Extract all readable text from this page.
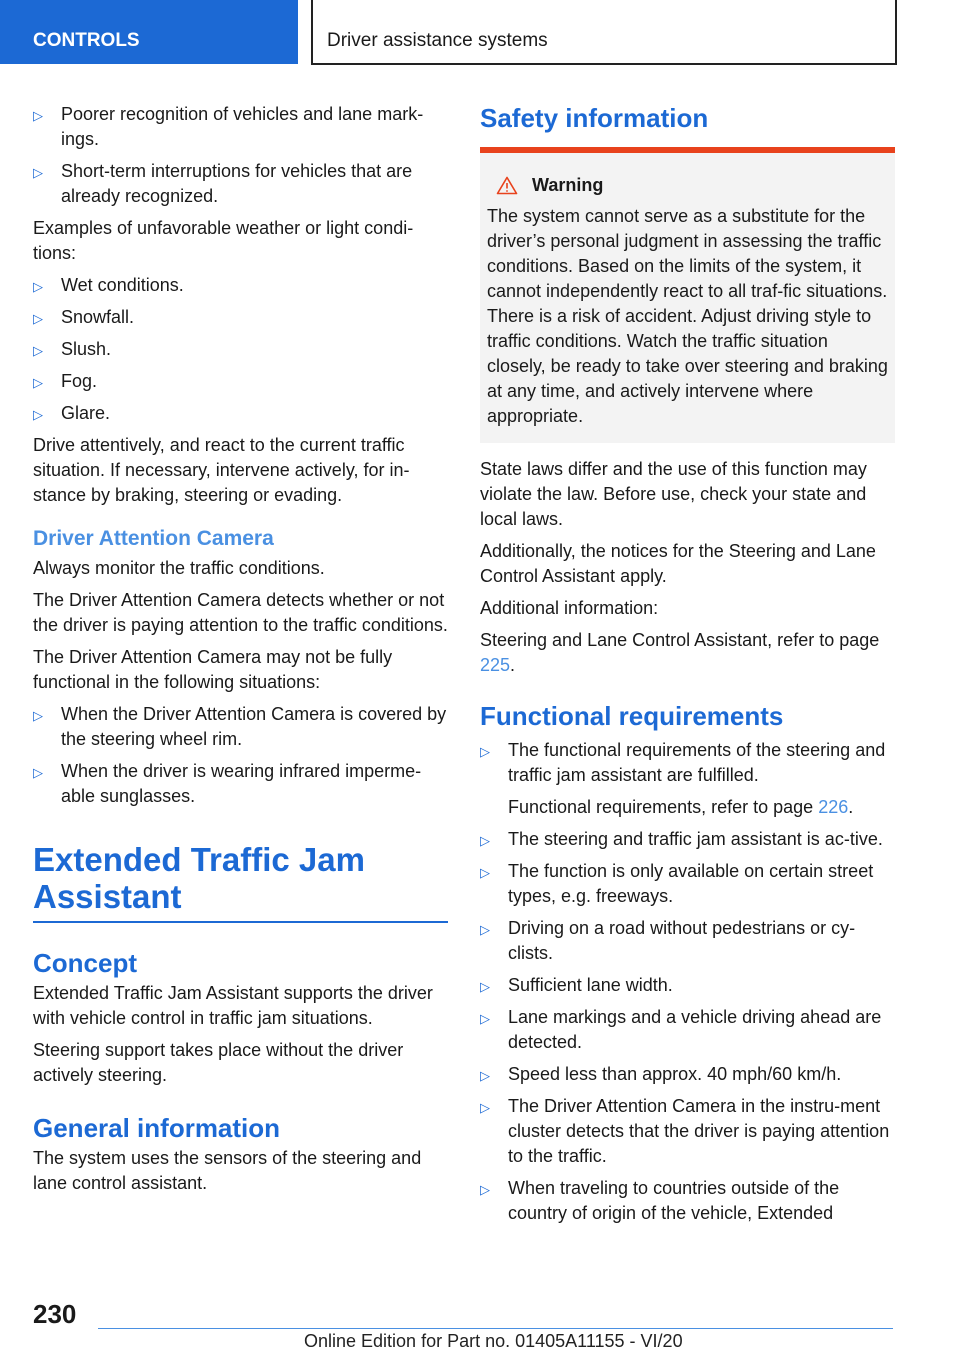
CONTROLS	Driver assistance systems
▷ Poorer recognition of vehicles and lane mark-ings.
▷ Short-term interruptions for vehicles that are already recognized.

Examples of unfavorable weather or light condi-tions:

▷ Wet conditions.
▷ Snowfall.
▷ Slush.
▷ Fog.
▷ Glare.

Drive attentively, and react to the current traffic situation. If necessary, intervene actively, for in-stance by braking, steering or evading.

Driver Attention Camera

Always monitor the traffic conditions.

The Driver Attention Camera detects whether or not the driver is paying attention to the traffic conditions.

The Driver Attention Camera may not be fully functional in the following situations:

▷ When the Driver Attention Camera is covered by the steering wheel rim.
▷ When the driver is wearing infrared imperme-able sunglasses.
Extended Traffic Jam Assistant
Concept

Extended Traffic Jam Assistant supports the driver with vehicle control in traffic jam situations.

Steering support takes place without the driver actively steering.

General information

The system uses the sensors of the steering and lane control assistant.

Safety information
Warning

The system cannot serve as a substitute for the driver’s personal judgment in assessing the traffic conditions. Based on the limits of the system, it cannot independently react to all traf-fic situations. There is a risk of accident. Adjust driving style to traffic conditions. Watch the traffic situation closely, be ready to take over steering and braking at any time, and actively intervene where appropriate.

State laws differ and the use of this function may violate the law. Before use, check your state and local laws.

Additionally, the notices for the Steering and Lane Control Assistant apply.

Additional information:

Steering and Lane Control Assistant, refer to page 225.

Functional requirements
▷ The functional requirements of the steering and traffic jam assistant are fulfilled.
Functional requirements, refer to page 226.
▷ The steering and traffic jam assistant is ac-tive.
▷ The function is only available on certain street types, e.g. freeways.
▷ Driving on a road without pedestrians or cy-clists.
▷ Sufficient lane width.
▷ Lane markings and a vehicle driving ahead are detected.
▷ Speed less than approx. 40 mph/60 km/h.
▷ The Driver Attention Camera in the instru-ment cluster detects that the driver is paying attention to the traffic.
▷ When traveling to countries outside of the country of origin of the vehicle, Extended
230
Online Edition for Part no. 01405A11155 - VI/20
